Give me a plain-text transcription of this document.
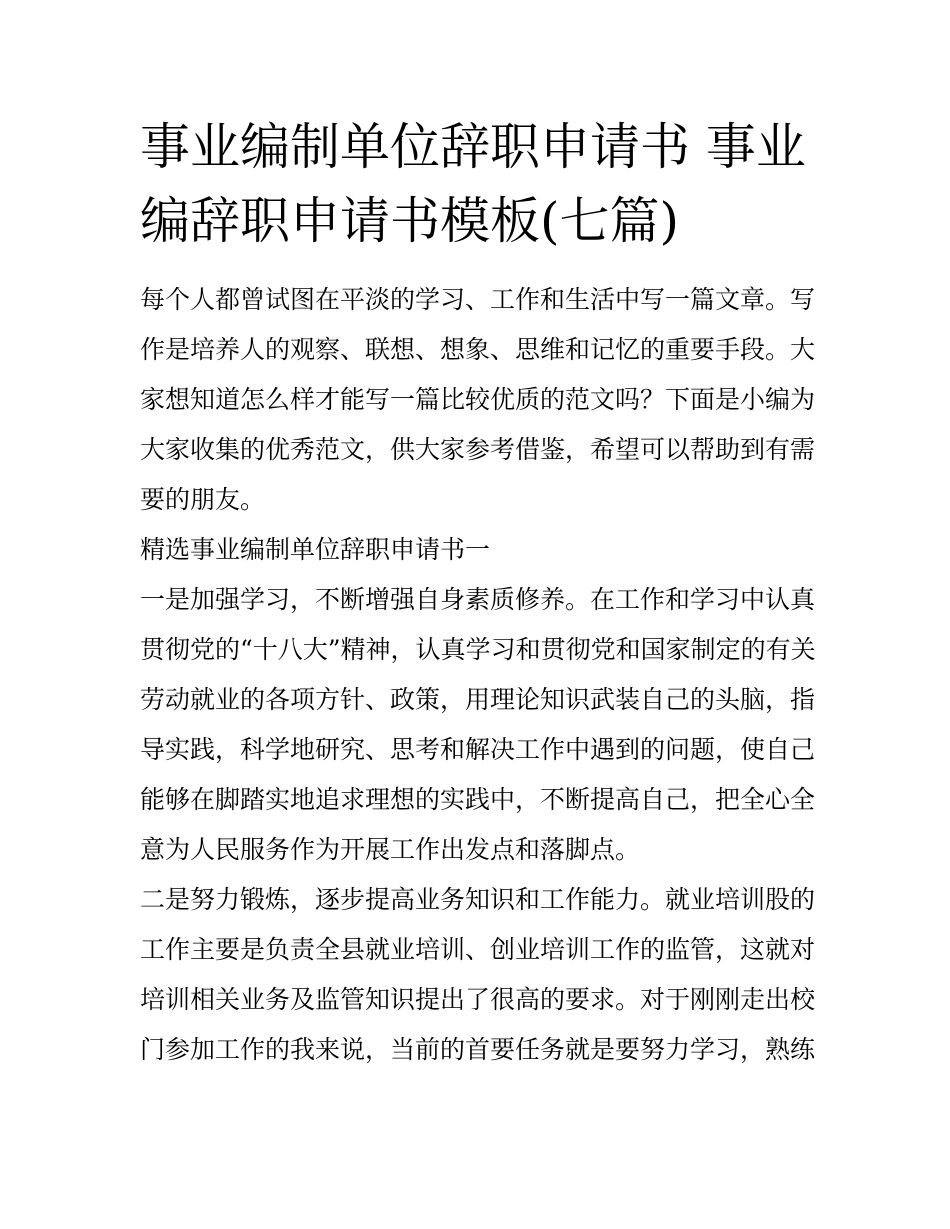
事业编制单位辞职申请书 事业
编辞职申请书模板(七篇)
每个人都曾试图在平淡的学习、工作和生活中写一篇文章。写
作是培养人的观察、联想、想象、思维和记忆的重要手段。大
家想知道怎么样才能写一篇比较优质的范文吗？下面是小编为
大家收集的优秀范文，供大家参考借鉴，希望可以帮助到有需
要的朋友。
精选事业编制单位辞职申请书一
一是加强学习，不断增强自身素质修养。在工作和学习中认真
贯彻党的“十八大”精神，认真学习和贯彻党和国家制定的有关
劳动就业的各项方针、政策，用理论知识武装自己的头脑，指
导实践，科学地研究、思考和解决工作中遇到的问题，使自己
能够在脚踏实地追求理想的实践中，不断提高自己，把全心全
意为人民服务作为开展工作出发点和落脚点。
二是努力锻炼，逐步提高业务知识和工作能力。就业培训股的
工作主要是负责全县就业培训、创业培训工作的监管，这就对
培训相关业务及监管知识提出了很高的要求。对于刚刚走出校
门参加工作的我来说，当前的首要任务就是要努力学习，熟练
